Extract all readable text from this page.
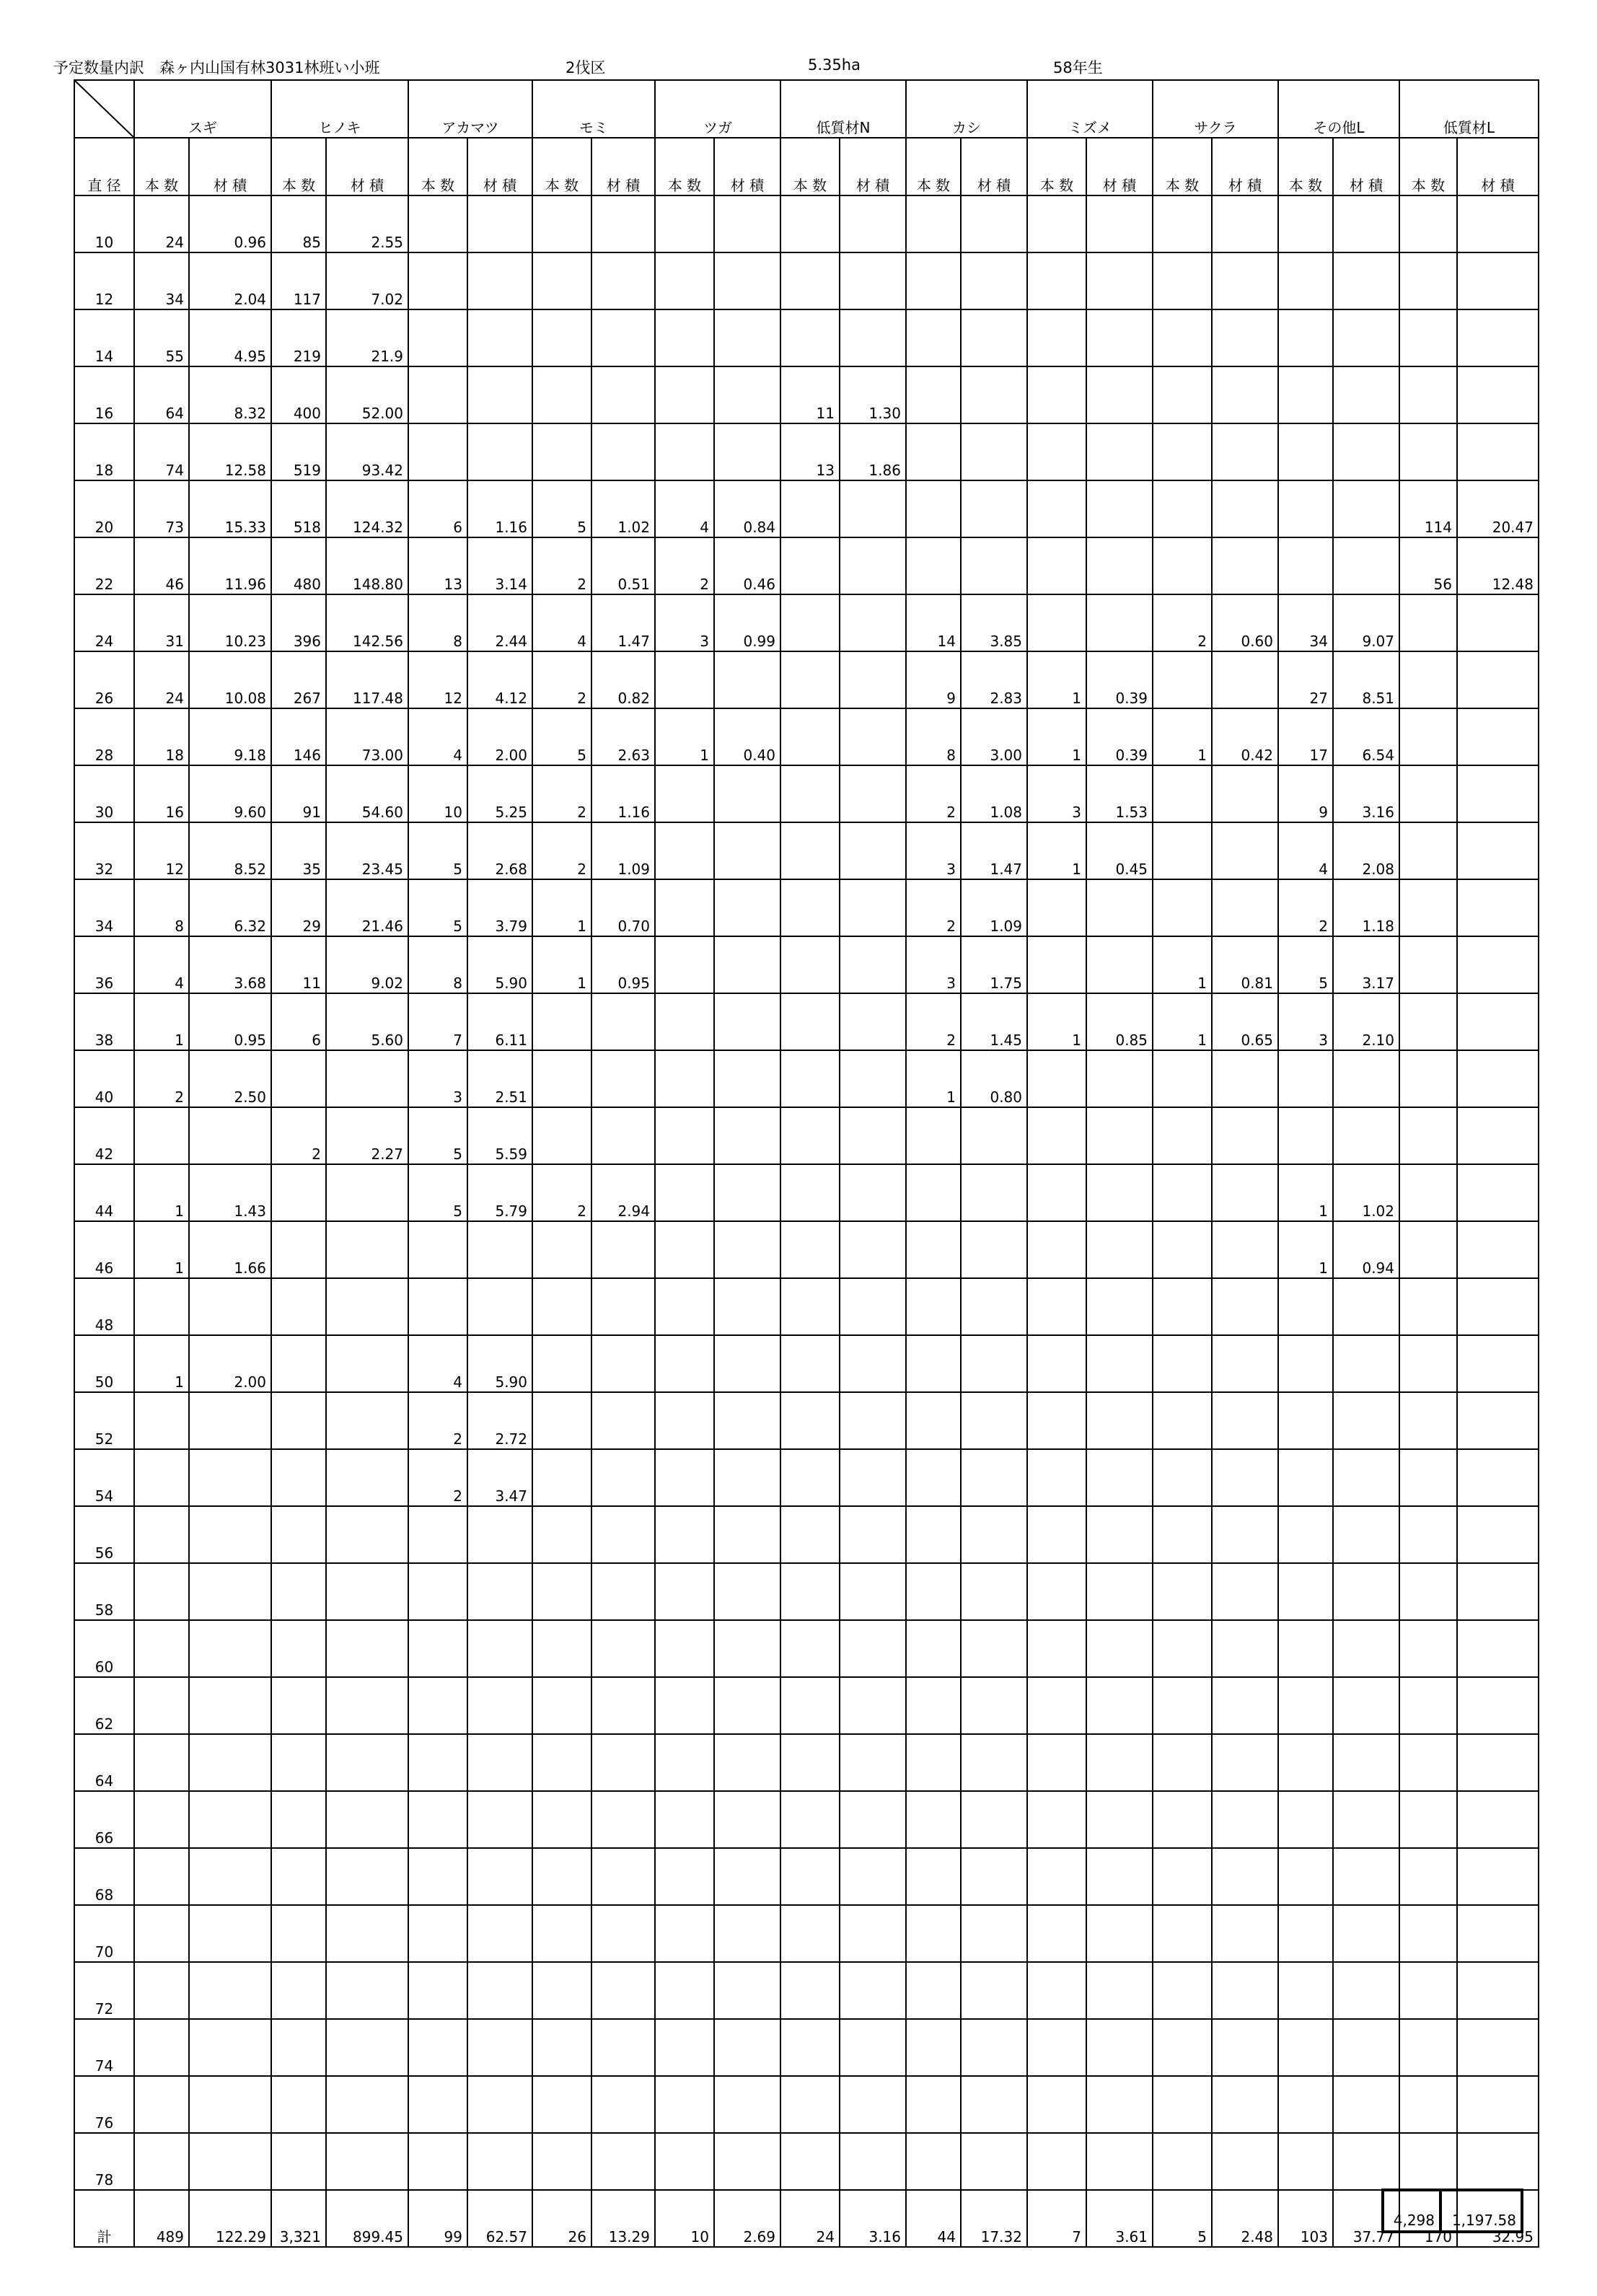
予定数量内訳　森ヶ内山国有林3031林班い小班	2伐区	5.35ha	58年生
	スギ		ヒノキ		アカマツ		モミ		ツガ		低質材N		カシ		ミズメ		サクラ		その他L		低質材L	
直 径	本 数	材 積	本 数	材 積	本 数	材 積	本 数	材 積	本 数	材 積	本 数	材 積	本 数	材 積	本 数	材 積	本 数	材 積	本 数	材 積	本 数	材 積
10	24	0.96	85	2.55																		
12	34	2.04	117	7.02																		
14	55	4.95	219	21.9																		
16	64	8.32	400	52.00							11	1.30										
18	74	12.58	519	93.42							13	1.86										
20	73	15.33	518	124.32	6	1.16	5	1.02	4	0.84											114	20.47
22	46	11.96	480	148.80	13	3.14	2	0.51	2	0.46											56	12.48
24	31	10.23	396	142.56	8	2.44	4	1.47	3	0.99			14	3.85			2	0.60	34	9.07		
26	24	10.08	267	117.48	12	4.12	2	0.82					9	2.83	1	0.39			27	8.51		
28	18	9.18	146	73.00	4	2.00	5	2.63	1	0.40			8	3.00	1	0.39	1	0.42	17	6.54		
30	16	9.60	91	54.60	10	5.25	2	1.16					2	1.08	3	1.53			9	3.16		
32	12	8.52	35	23.45	5	2.68	2	1.09					3	1.47	1	0.45			4	2.08		
34	8	6.32	29	21.46	5	3.79	1	0.70					2	1.09					2	1.18		
36	4	3.68	11	9.02	8	5.90	1	0.95					3	1.75			1	0.81	5	3.17		
38	1	0.95	6	5.60	7	6.11							2	1.45	1	0.85	1	0.65	3	2.10		
40	2	2.50			3	2.51							1	0.80								
42			2	2.27	5	5.59																
44	1	1.43			5	5.79	2	2.94											1	1.02		
46	1	1.66																	1	0.94		
48																						
50	1	2.00			4	5.90																
52					2	2.72																
54					2	3.47																
56																						
58																						
60																						
62																						
64																						
66																						
68																						
70																						
72																						
74																						
76																						
78																						
計	489	122.29	3,321	899.45	99	62.57	26	13.29	10	2.69	24	3.16	44	17.32	7	3.61	5	2.48	103	37.77	170	32.95
4,298	1,197.58
